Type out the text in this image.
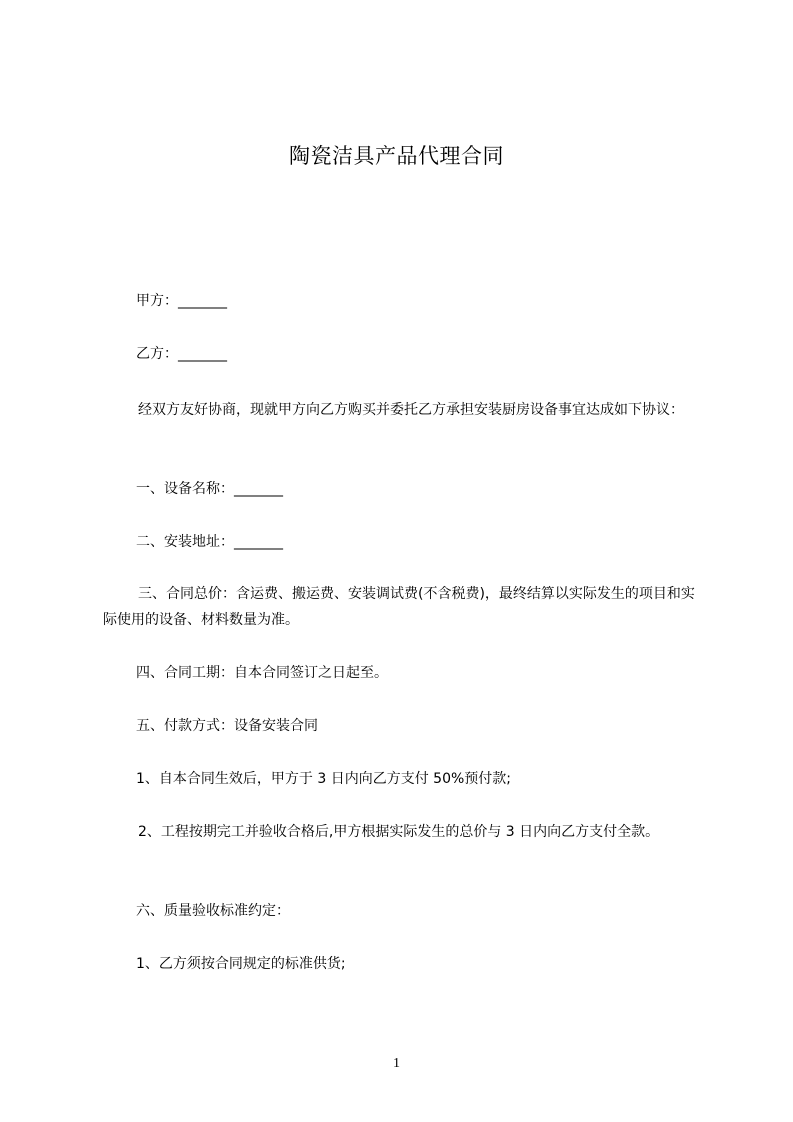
陶瓷洁具产品代理合同

甲方：_______

乙方：_______

经双方友好协商，现就甲方向乙方购买并委托乙方承担安装厨房设备事宜达成如下协议：

一、设备名称：_______

二、安装地址：_______

三、合同总价：含运费、搬运费、安装调试费(不含税费)，最终结算以实际发生的项目和实际使用的设备、材料数量为准。

四、合同工期：自本合同签订之日起至。

五、付款方式：设备安装合同

1、自本合同生效后，甲方于 3 日内向乙方支付 50%预付款;

2、工程按期完工并验收合格后,甲方根据实际发生的总价与 3 日内向乙方支付全款。

六、质量验收标准约定：

1、乙方须按合同规定的标准供货;

1
